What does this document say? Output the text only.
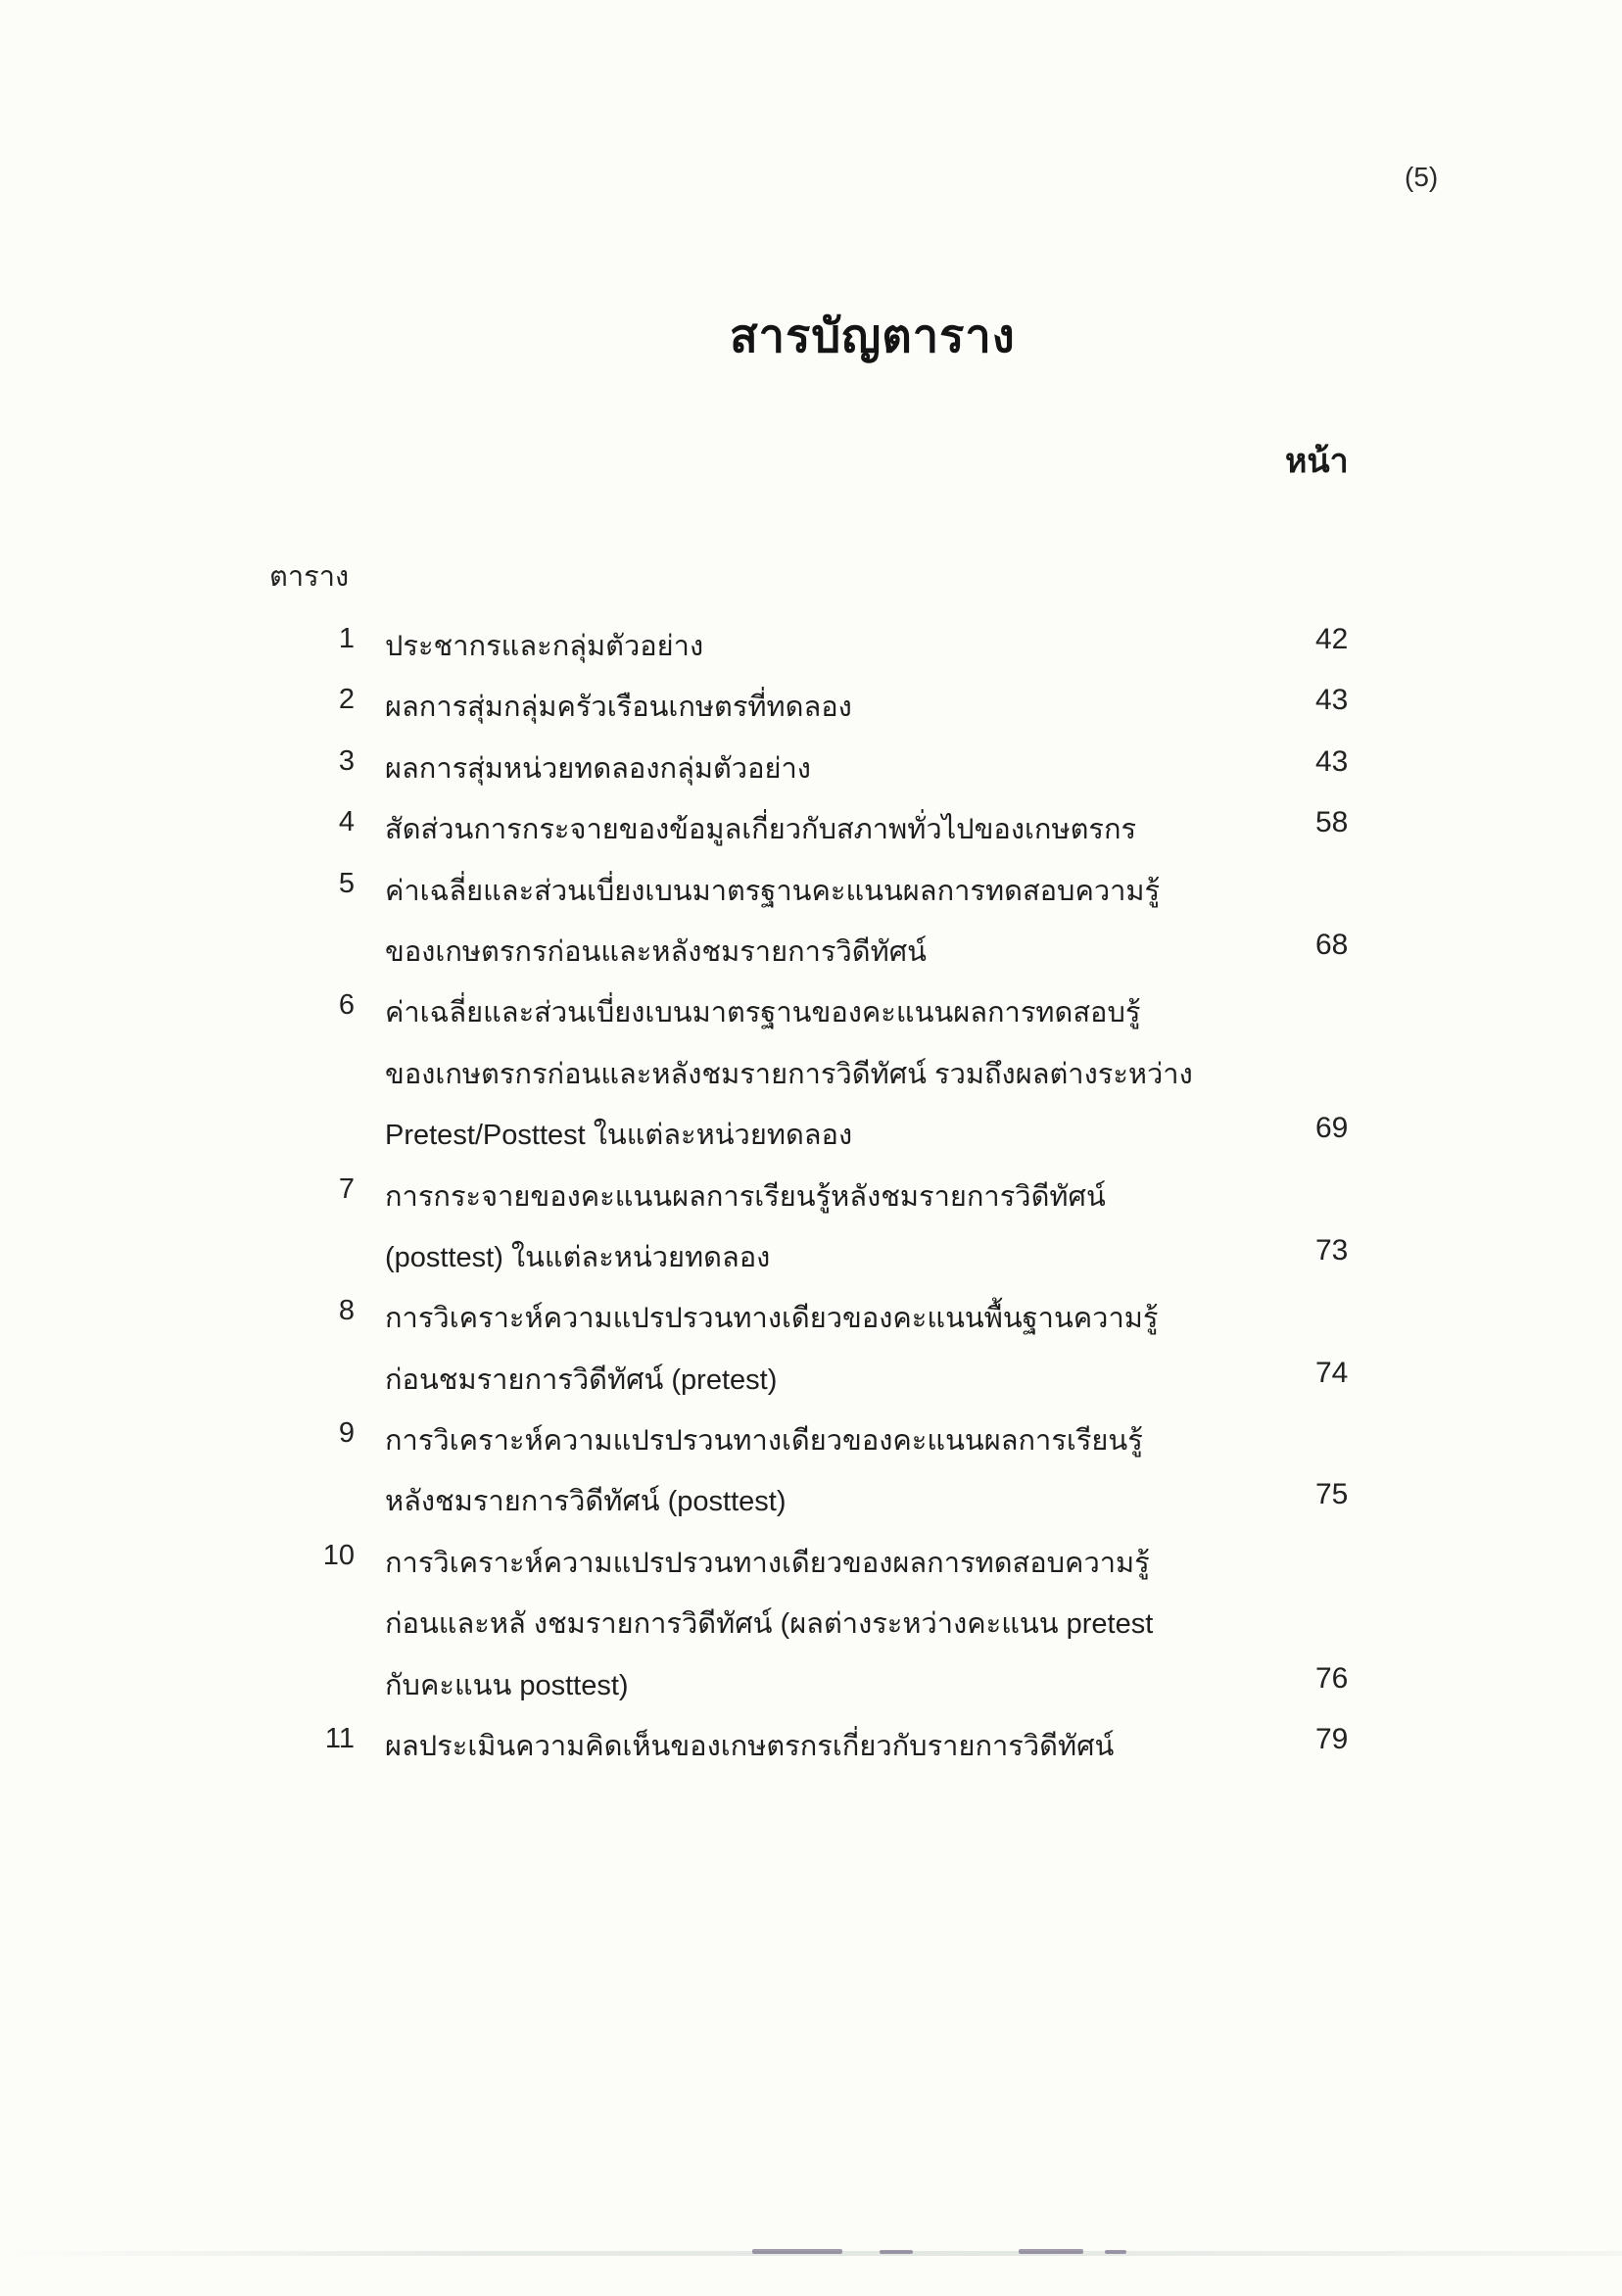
(5)
สารบัญตาราง
หน้า
ตาราง
1 ประชากรและกลุ่มตัวอย่าง	42
2 ผลการสุ่มกลุ่มครัวเรือนเกษตรที่ทดลอง	43
3 ผลการสุ่มหน่วยทดลองกลุ่มตัวอย่าง	43
4 สัดส่วนการกระจายของข้อมูลเกี่ยวกับสภาพทั่วไปของเกษตรกร	58
5 ค่าเฉลี่ยและส่วนเบี่ยงเบนมาตรฐานคะแนนผลการทดสอบความรู้
ของเกษตรกรก่อนและหลังชมรายการวิดีทัศน์	68
6 ค่าเฉลี่ยและส่วนเบี่ยงเบนมาตรฐานของคะแนนผลการทดสอบรู้
ของเกษตรกรก่อนและหลังชมรายการวิดีทัศน์ รวมถึงผลต่างระหว่าง
Pretest/Posttest ในแต่ละหน่วยทดลอง	69
7 การกระจายของคะแนนผลการเรียนรู้หลังชมรายการวิดีทัศน์
(posttest) ในแต่ละหน่วยทดลอง	73
8 การวิเคราะห์ความแปรปรวนทางเดียวของคะแนนพื้นฐานความรู้
ก่อนชมรายการวิดีทัศน์ (pretest)	74
9 การวิเคราะห์ความแปรปรวนทางเดียวของคะแนนผลการเรียนรู้
หลังชมรายการวิดีทัศน์ (posttest)	75
10 การวิเคราะห์ความแปรปรวนทางเดียวของผลการทดสอบความรู้
ก่อนและหลั งชมรายการวิดีทัศน์ (ผลต่างระหว่างคะแนน pretest
กับคะแนน posttest)	76
11 ผลประเมินความคิดเห็นของเกษตรกรเกี่ยวกับรายการวิดีทัศน์	79
